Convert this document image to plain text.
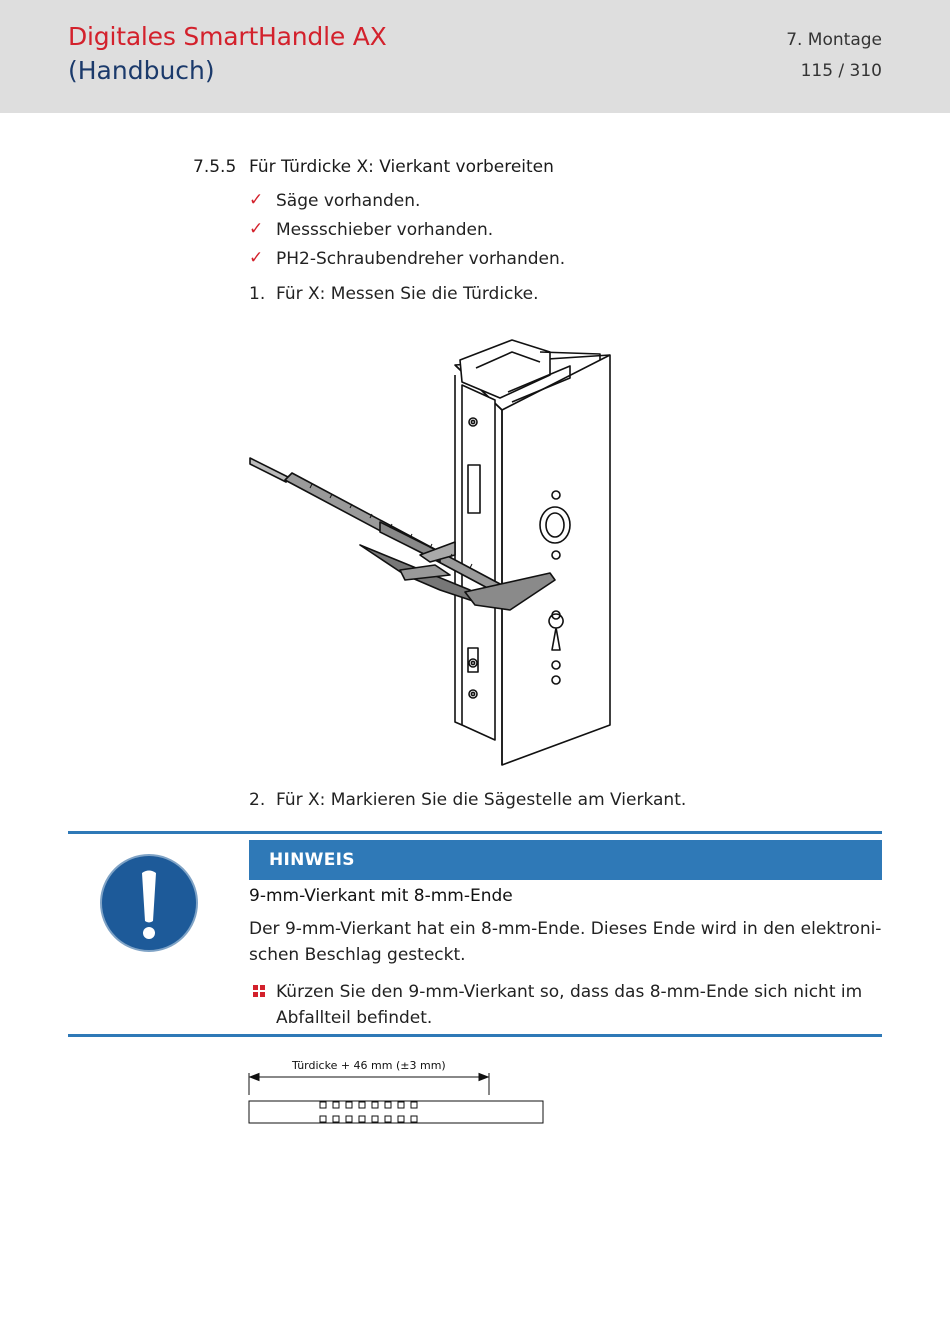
Digitales SmartHandle AX
(Handbuch)
7. Montage
115 / 310
7.5.5 Für Türdicke X: Vierkant vorbereiten
✓ Säge vorhanden.
✓ Messschieber vorhanden.
✓ PH2-Schraubendreher vorhanden.
1. Für X: Messen Sie die Türdicke.
2. Für X: Markieren Sie die Sägestelle am Vierkant.
HINWEIS
9-mm-Vierkant mit 8-mm-Ende
Der 9-mm-Vierkant hat ein 8-mm-Ende. Dieses Ende wird in den elektroni-schen Beschlag gesteckt.
Kürzen Sie den 9-mm-Vierkant so, dass das 8-mm-Ende sich nicht im Abfallteil befindet.
Türdicke + 46 mm (±3 mm)
